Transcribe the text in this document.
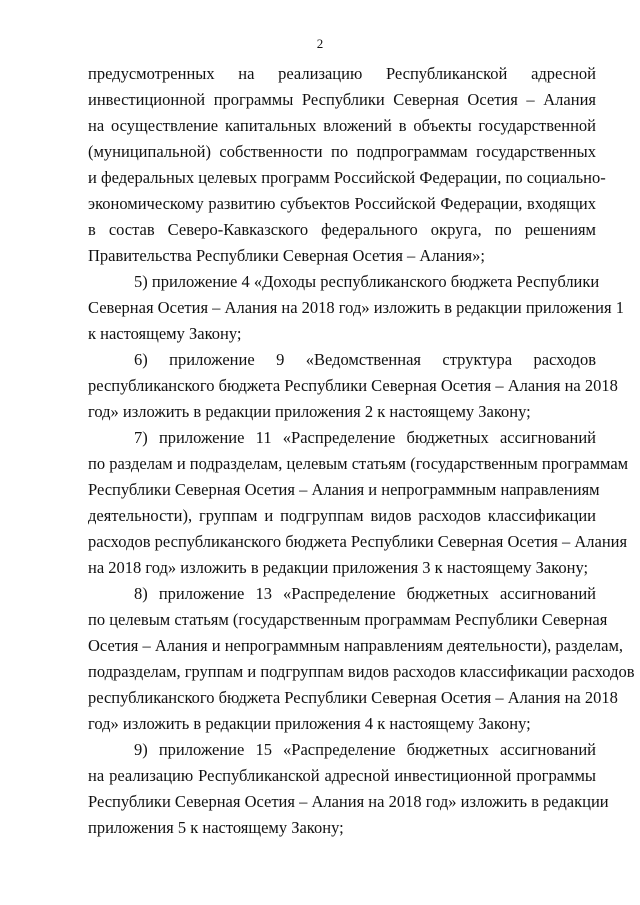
2
предусмотренных на реализацию Республиканской адресной
инвестиционной программы Республики Северная Осетия – Алания
на осуществление капитальных вложений в объекты государственной
(муниципальной) собственности по подпрограммам государственных
и федеральных целевых программ Российской Федерации, по социально-
экономическому развитию субъектов Российской Федерации, входящих
в состав Северо-Кавказского федерального округа, по решениям
Правительства Республики Северная Осетия – Алания»;
5) приложение 4 «Доходы республиканского бюджета Республики
Северная Осетия – Алания на 2018 год» изложить в редакции приложения 1
к настоящему Закону;
6) приложение 9 «Ведомственная структура расходов
республиканского бюджета Республики Северная Осетия – Алания на 2018
год» изложить в редакции приложения 2 к настоящему Закону;
7) приложение 11 «Распределение бюджетных ассигнований
по разделам и подразделам, целевым статьям (государственным программам
Республики Северная Осетия – Алания и непрограммным направлениям
деятельности), группам и подгруппам видов расходов классификации
расходов республиканского бюджета Республики Северная Осетия – Алания
на 2018 год» изложить в редакции приложения 3 к настоящему Закону;
8) приложение 13 «Распределение бюджетных ассигнований
по целевым статьям (государственным программам Республики Северная
Осетия – Алания и непрограммным направлениям деятельности), разделам,
подразделам, группам и подгруппам видов расходов классификации расходов
республиканского бюджета Республики Северная Осетия – Алания на 2018
год» изложить в редакции приложения 4 к настоящему Закону;
9) приложение 15 «Распределение бюджетных ассигнований
на реализацию Республиканской адресной инвестиционной программы
Республики Северная Осетия – Алания на 2018 год» изложить в редакции
приложения 5 к настоящему Закону;
